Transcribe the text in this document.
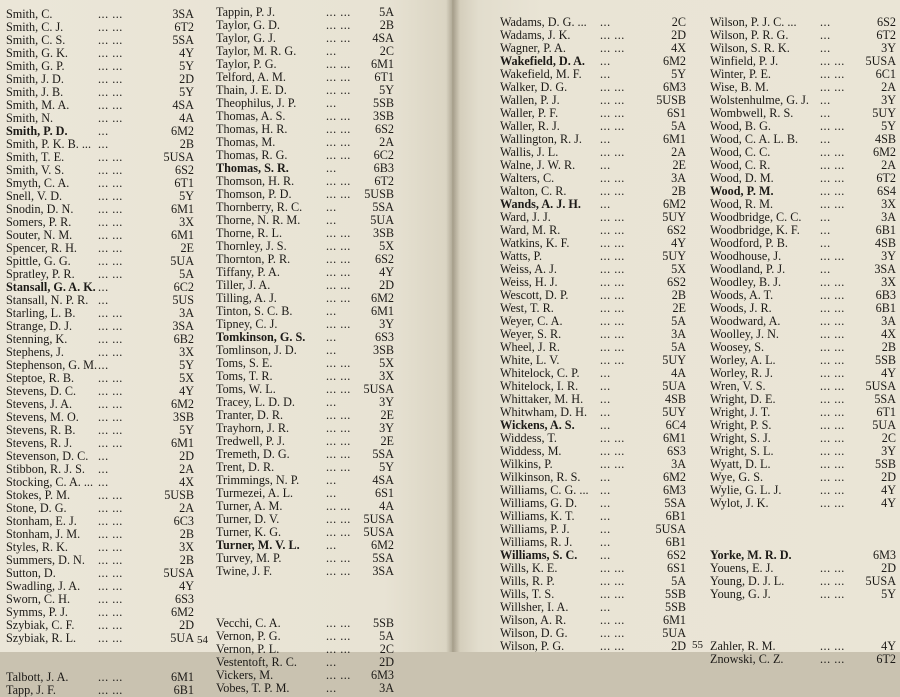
Smith, C.	... ...	3SA
Smith, C. J.	... ...	6T2
Smith, C. S.	... ...	5SA
Smith, G. K. ... ...	4Y
Smith, G. P.	... ...	5Y
Smith, J. D.	... ...	2D
Smith, J. B.	... ...	5Y
Smith, M. A. ... ...	4SA
Smith, N.	... ...	4A
Smith, P. D. ...	6M2
Smith, P. K. B. ... ...	2B
Smith, T. E.	... ...	5USA
Smith, V. S.	... ...	6S2
Smyth, C. A. ... ...	6T1
Snell, V. D.	... ...	5Y
Snodin, D. N. ... ...	6M1
Somers, P. R. ... ...	3X
Souter, N. M. ... ...	6M1
Spencer, R. H. ... ...	2E
Spittle, G. G. ... ...	5UA
Spratley, P. R. ... ...	5A
Stansall, G. A. K. ...	6C2
Stansall, N. P. R. ...	5US
Starling, L. B. ... ...	3A
Strange, D. J. ... ...	3SA
Stenning, K.	... ...	6B2
Stephens, J.	... ...	3X
Stephenson, G. M. ...	5Y
Steptoe, R. B. ... ...	5X
Stevens, D. C. ... ...	4Y
Stevens, J. A. ... ...	6M2
Stevens, M. O. ... ...	3SB
Stevens, R. B. ... ...	5Y
Stevens, R. J. ... ...	6M1
Stevenson, D. C. ...	2D
Stibbon, R. J. S. ...	2A
Stocking, C. A. ... ...	4X
Stokes, P. M. ... ...	5USB
Stone, D. G.	... ...	2A
Stonham, E. J. ... ...	6C3
Stonham, J. M. ... ...	2B
Styles, R. K. ... ...	3X
Summers, D. N. ... ...	2B
Sutton, D.	... ...	5USA
Swadling, J. A. ... ...	4Y
Sworn, C. H. ... ...	6S3
Symms, P. J. ... ...	6M2
Szybiak, C. F. ... ...	2D
Szybiak, R. L. ... ...	5UA
Talbott, J. A. ... ...	6M1
Tapp, J. F.	... ...	6B1
Tappin, P. J.	... ... 5A
Taylor, G. D.	... ... 2B
Taylor, G. J.	... ... 4SA
Taylor, M. R. G. ...	2C
Taylor, P. G.	... ... 6M1
Telford, A. M.	... ... 6T1
Thain, J. E. D.	... ... 5Y
Theophilus, J. P. ...	5SB
Thomas, A. S.	... ... 3SB
Thomas, H. R.	... ... 6S2
Thomas, M.	... ... 2A
Thomas, R. G.	... ... 6C2
Thomas, S. R.	...	6B3
Thomson, H. R.	... ... 6T2
Thomson, P. D.	... ... 5USB
Thornberry, R. C. ...	5SA
Thorne, N. R. M. ...	5UA
Thorne, R. L.	... ... 3SB
Thornley, J. S.	... ... 5X
Thornton, P. R.	... ... 6S2
Tiffany, P. A.	... ... 4Y
Tiller, J. A.	... ... 2D
Tilling, A. J.	... ... 6M2
Tinton, S. C. B.	...	6M1
Tipney, C. J.	... ... 3Y
Tomkinson, G. S. ...	6S3
Tomlinson, J. D. ...	3SB
Toms, S. E.	... ... 5X
Toms, T. R.	... ... 3X
Toms, W. L.	... ... 5USA
Tracey, L. D. D.	...	3Y
Tranter, D. R.	... ... 2E
Trayhorn, J. R.	... ... 3Y
Tredwell, P. J.	... ... 2E
Tremeth, D. G.	... ... 5SA
Trent, D. R.	... ... 5Y
Trimmings, N. P. ...	4SA
Turmezei, A. L.	...	6S1
Turner, A. M.	... ... 4A
Turner, D. V.	... ... 5USA
Turner, K. G.	... ... 5USA
Turner, M. V. L. ...	6M2
Turvey, M. P.	... ... 5SA
Twine, J. F.	... ... 3SA
Vecchi, C. A.	... ... 5SB
Vernon, P. G.	... ... 5A
Vernon, P. L.	... ... 2C
Vestentoft, R. C. ...	2D
Vickers, M.	... ... 6M3
Vobes, T. P. M.	...	3A
54
Wadams, D. G. ... ...	2C
Wadams, J. K. ... ...	2D
Wagner, P. A.	... ...	4X
Wakefield, D. A. ...	6M2
Wakefield, M. F. ...	5Y
Walker, D. G.	... ...	6M3
Wallen, P. J.	... ...	5USB
Waller, P. F.	... ...	6S1
Waller, R. J.	... ...	5A
Wallington, R. J. ...	6M1
Wallis, J. L.	... ...	2A
Walne, J. W. R. ...	2E
Walters, C.	... ...	3A
Walton, C. R.	... ...	2B
Wands, A. J. H. ...	6M2
Ward, J. J.	... ...	5UY
Ward, M. R.	... ...	6S2
Watkins, K. F.	... ...	4Y
Watts, P.	... ...	5UY
Weiss, A. J.	... ...	5X
Weiss, H. J.	... ...	6S2
Wescott, D. P.	... ...	2B
West, T. R.	... ...	2E
Weyer, C. A.	... ...	5A
Weyer, S. R.	... ...	3A
Wheel, J. R.	... ...	5A
White, L. V.	... ...	5UY
Whitelock, C. P. ...	4A
Whitelock, I. R. ...	5UA
Whittaker, M. H. ...	4SB
Whitwham, D. H. ...	5UY
Wickens, A. S. ...	6C4
Widdess, T.	... ...	6M1
Widdess, M.	... ...	6S3
Wilkins, P.	... ...	3A
Wilkinson, R. S. ...	6M2
Williams, C. G. ... ...	6M3
Williams, G. D. ...	5SA
Williams, K. T. ...	6B1
Williams, P. J. ...	5USA
Williams, R. J. ...	6B1
Williams, S. C. ...	6S2
Wills, K. E.	... ...	6S1
Wills, R. P.	... ...	5A
Wills, T. S.	... ...	5SB
Willsher, I. A.	...	5SB
Wilson, A. R.	... ...	6M1
Wilson, D. G.	... ...	5UA
Wilson, P. G.	... ...	2D
Wilson, P. J. C. ... ...	6S2
Wilson, P. R. G.	...	6T2
Wilson, S. R. K. ...	3Y
Winfield, P. J.	... ... 5USA
Winter, P. E.	... ...	6C1
Wise, B. M.	... ...	2A
Wolstenhulme, G. J. ...	3Y
Wombwell, R. S. ...	5UY
Wood, B. G.	... ...	5Y
Wood, C. A. L. B. ...	4SB
Wood, C. C.	... ... 6M2
Wood, C. R.	... ...	2A
Wood, D. M.	... ...	6T2
Wood, P. M.	... ...	6S4
Wood, R. M.	... ...	3X
Woodbridge, C. C. ...	3A
Woodbridge, K. F. ...	6B1
Woodford, P. B.	...	4SB
Woodhouse, J.	... ...	3Y
Woodland, P. J.	...	3SA
Woodley, B. J.	... ...	3X
Woods, A. T.	... ...	6B3
Woods, J. R.	... ...	6B1
Woodward, A.	... ...	3A
Woolley, J. N.	... ...	4X
Woosey, S.	... ...	2B
Worley, A. L.	... ... 5SB
Worley, R. J.	... ...	4Y
Wren, V. S.	... ... 5USA
Wright, D. E.	... ... 5SA
Wright, J. T.	... ...	6T1
Wright, P. S.	... ... 5UA
Wright, S. J.	... ...	2C
Wright, S. L.	... ...	3Y
Wyatt, D. L.	... ... 5SB
Wye, G. S.	... ...	2D
Wylie, G. L. J.	... ...	4Y
Wylot, J. K.	... ...	4Y
Yorke, M. R. D.	6M3
Youens, E. J.	... ...	2D
Young, D. J. L.	... ... 5USA
Young, G. J.	... ...	5Y
Zahler, R. M.	... ...	4Y
Znowski, C. Z.	... ...	6T2
55
